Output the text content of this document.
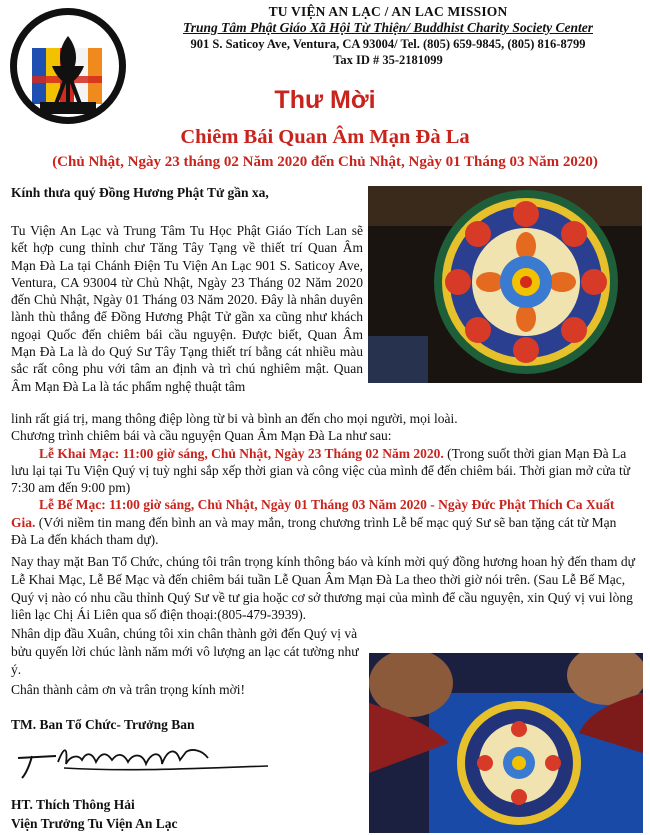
TU VIỆN AN LẠC / AN LAC MISSION
Trung Tâm Phật Giáo Xã Hội Từ Thiện/ Buddhist Charity Society Center
901 S. Saticoy Ave, Ventura, CA 93004/ Tel. (805) 659-9845, (805) 816-8799
Tax ID # 35-2181099
Thư Mời
Chiêm Bái Quan Âm Mạn Đà La
(Chủ Nhật, Ngày 23 tháng 02 Năm 2020 đến Chủ Nhật, Ngày 01 Tháng 03 Năm 2020)
Kính thưa quý Đồng Hương Phật Tử gần xa,
Tu Viện An Lạc và Trung Tâm Tu Học Phật Giáo Tích Lan sẽ kết hợp cung thỉnh chư Tăng Tây Tạng về thiết trí Quan Âm Mạn Đà La tại Chánh Điện Tu Viện An Lạc 901 S. Saticoy Ave, Ventura, CA 93004 từ Chủ Nhật, Ngày 23 Tháng 02 Năm 2020 đến Chủ Nhật, Ngày 01 Tháng 03 Năm 2020. Đây là nhân duyên lành thù thắng để Đồng Hương Phật Tử gần xa cũng như khách ngoại Quốc đến chiêm bái cầu nguyện. Được biết, Quan Âm Mạn Đà La là do Quý Sư Tây Tạng thiết trí bằng cát nhiều màu sắc rất công phu với tâm an định và trì chú nghiêm mật. Quan Âm Mạn Đà La là tác phẩm nghệ thuật tâm

linh rất giá trị, mang thông điệp lòng từ bi và bình an đến cho mọi người, mọi loài.

Chương trình chiêm bái và cầu nguyện Quan Âm Mạn Đà La như sau:

Lễ Khai Mạc: 11:00 giờ sáng, Chủ Nhật, Ngày 23 Tháng 02 Năm 2020. (Trong suốt thời gian Mạn Đà La lưu lại tại Tu Viện Quý vị tuỳ nghi sắp xếp thời gian và công việc của mình để đến chiêm bái. Thời gian mở cửa từ 7:30 am đến 9:00 pm)

Lễ Bế Mạc: 11:00 giờ sáng, Chủ Nhật, Ngày 01 Tháng 03 Năm 2020 - Ngày Đức Phật Thích Ca Xuất Gia. (Với niềm tin mang đến bình an và may mắn, trong chương trình Lễ bế mạc quý Sư sẽ ban tặng cát từ Mạn Đà La đến khách tham dự).

Nay thay mặt Ban Tổ Chức, chúng tôi trân trọng kính thông báo và kính mời quý đồng hương hoan hỷ đến tham dự Lễ Khai Mạc, Lễ Bế Mạc và đến chiêm bái tuần Lễ Quan Âm Mạn Đà La theo thời giờ nói trên. (Sau Lễ Bế Mạc, Quý vị nào có nhu cầu thỉnh Quý Sư về tư gia hoặc cơ sở thương mại của mình để cầu nguyện, xin Quý vị vui lòng liên lạc Chị Ái Liên qua số điện thoại:(805-479-3939).
Nhân dịp đầu Xuân, chúng tôi xin chân thành gởi đến Quý vị và bửu quyến lời chúc lành năm mới vô lượng an lạc cát tường như ý.
Chân thành cảm ơn và trân trọng kính mời!
TM. Ban Tổ Chức- Trưởng Ban
HT. Thích Thông Hải
Viện Trưởng Tu Viện An Lạc
